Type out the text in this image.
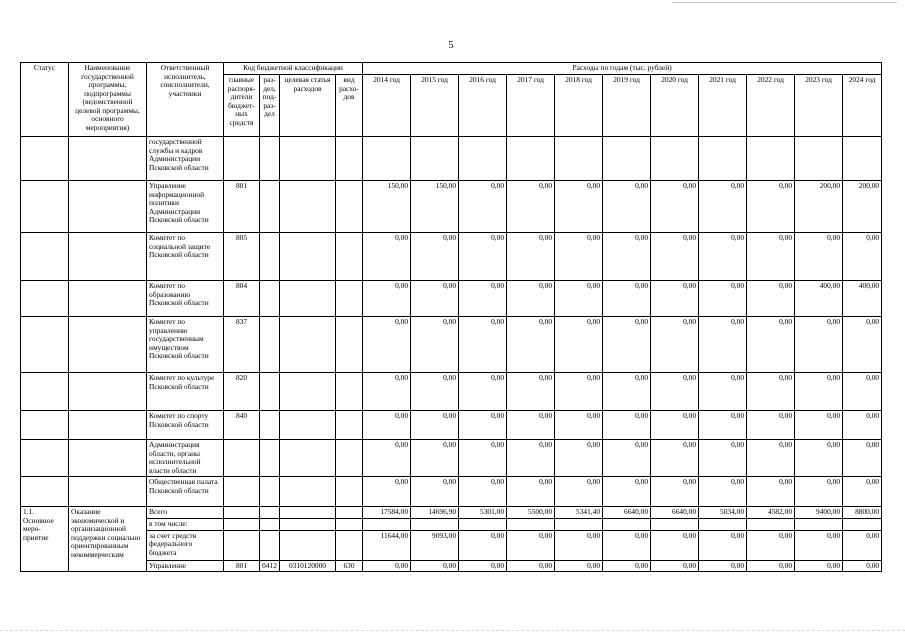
5
Статус	Наименование государственной программы, подпрограммы (ведомственной целевой программы, основного мероприятия)	Ответственный исполнитель, соисполнители, участники	Код бюджетной классификации				Расходы по годам (тыс. рублей)										
			главные распоря-дители бюджет-ных средств	раз-дел, под-раз-дел	целевая статья расходов	вид расхо-дов	2014 год	2015 год	2016 год	2017 год	2018 год	2019 год	2020 год	2021 год	2022 год	2023 год	2024 год
		государственной службы и кадров Администрации Псковской области															
		Управление информационной политики Администрации Псковской области	801				150,00	150,00	0,00	0,00	0,00	0,00	0,00	0,00	0,00	200,00	200,00
		Комитет по социальной защите Псковской области	805				0,00	0,00	0,00	0,00	0,00	0,00	0,00	0,00	0,00	0,00	0,00
		Комитет по образованию Псковской области	804				0,00	0,00	0,00	0,00	0,00	0,00	0,00	0,00	0,00	400,00	400,00
		Комитет по управлению государственным имуществом Псковской области	837				0,00	0,00	0,00	0,00	0,00	0,00	0,00	0,00	0,00	0,00	0,00
		Комитет по культуре Псковской области	820				0,00	0,00	0,00	0,00	0,00	0,00	0,00	0,00	0,00	0,00	0,00
		Комитет по спорту Псковской области	840				0,00	0,00	0,00	0,00	0,00	0,00	0,00	0,00	0,00	0,00	0,00
		Администрация области, органы исполнительной власти области					0,00	0,00	0,00	0,00	0,00	0,00	0,00	0,00	0,00	0,00	0,00
		Общественная палата Псковской области					0,00	0,00	0,00	0,00	0,00	0,00	0,00	0,00	0,00	0,00	0,00
1.1. Основное меро-приятие	Оказание экономической и организационной поддержки социально ориентированным некоммерческим	Всего					17584,00	14696,90	5301,00	5500,00	5341,40	6640,00	6640,00	5034,00	4582,00	9400,00	8800,00
		в том числе:															
		за счет средств федерального бюджета					11644,00	9093,00	0,00	0,00	0,00	0,00	0,00	0,00	0,00	0,00	0,00
		Управление	801	0412	0310120000	630	0,00	0,00	0,00	0,00	0,00	0,00	0,00	0,00	0,00	0,00	0,00
